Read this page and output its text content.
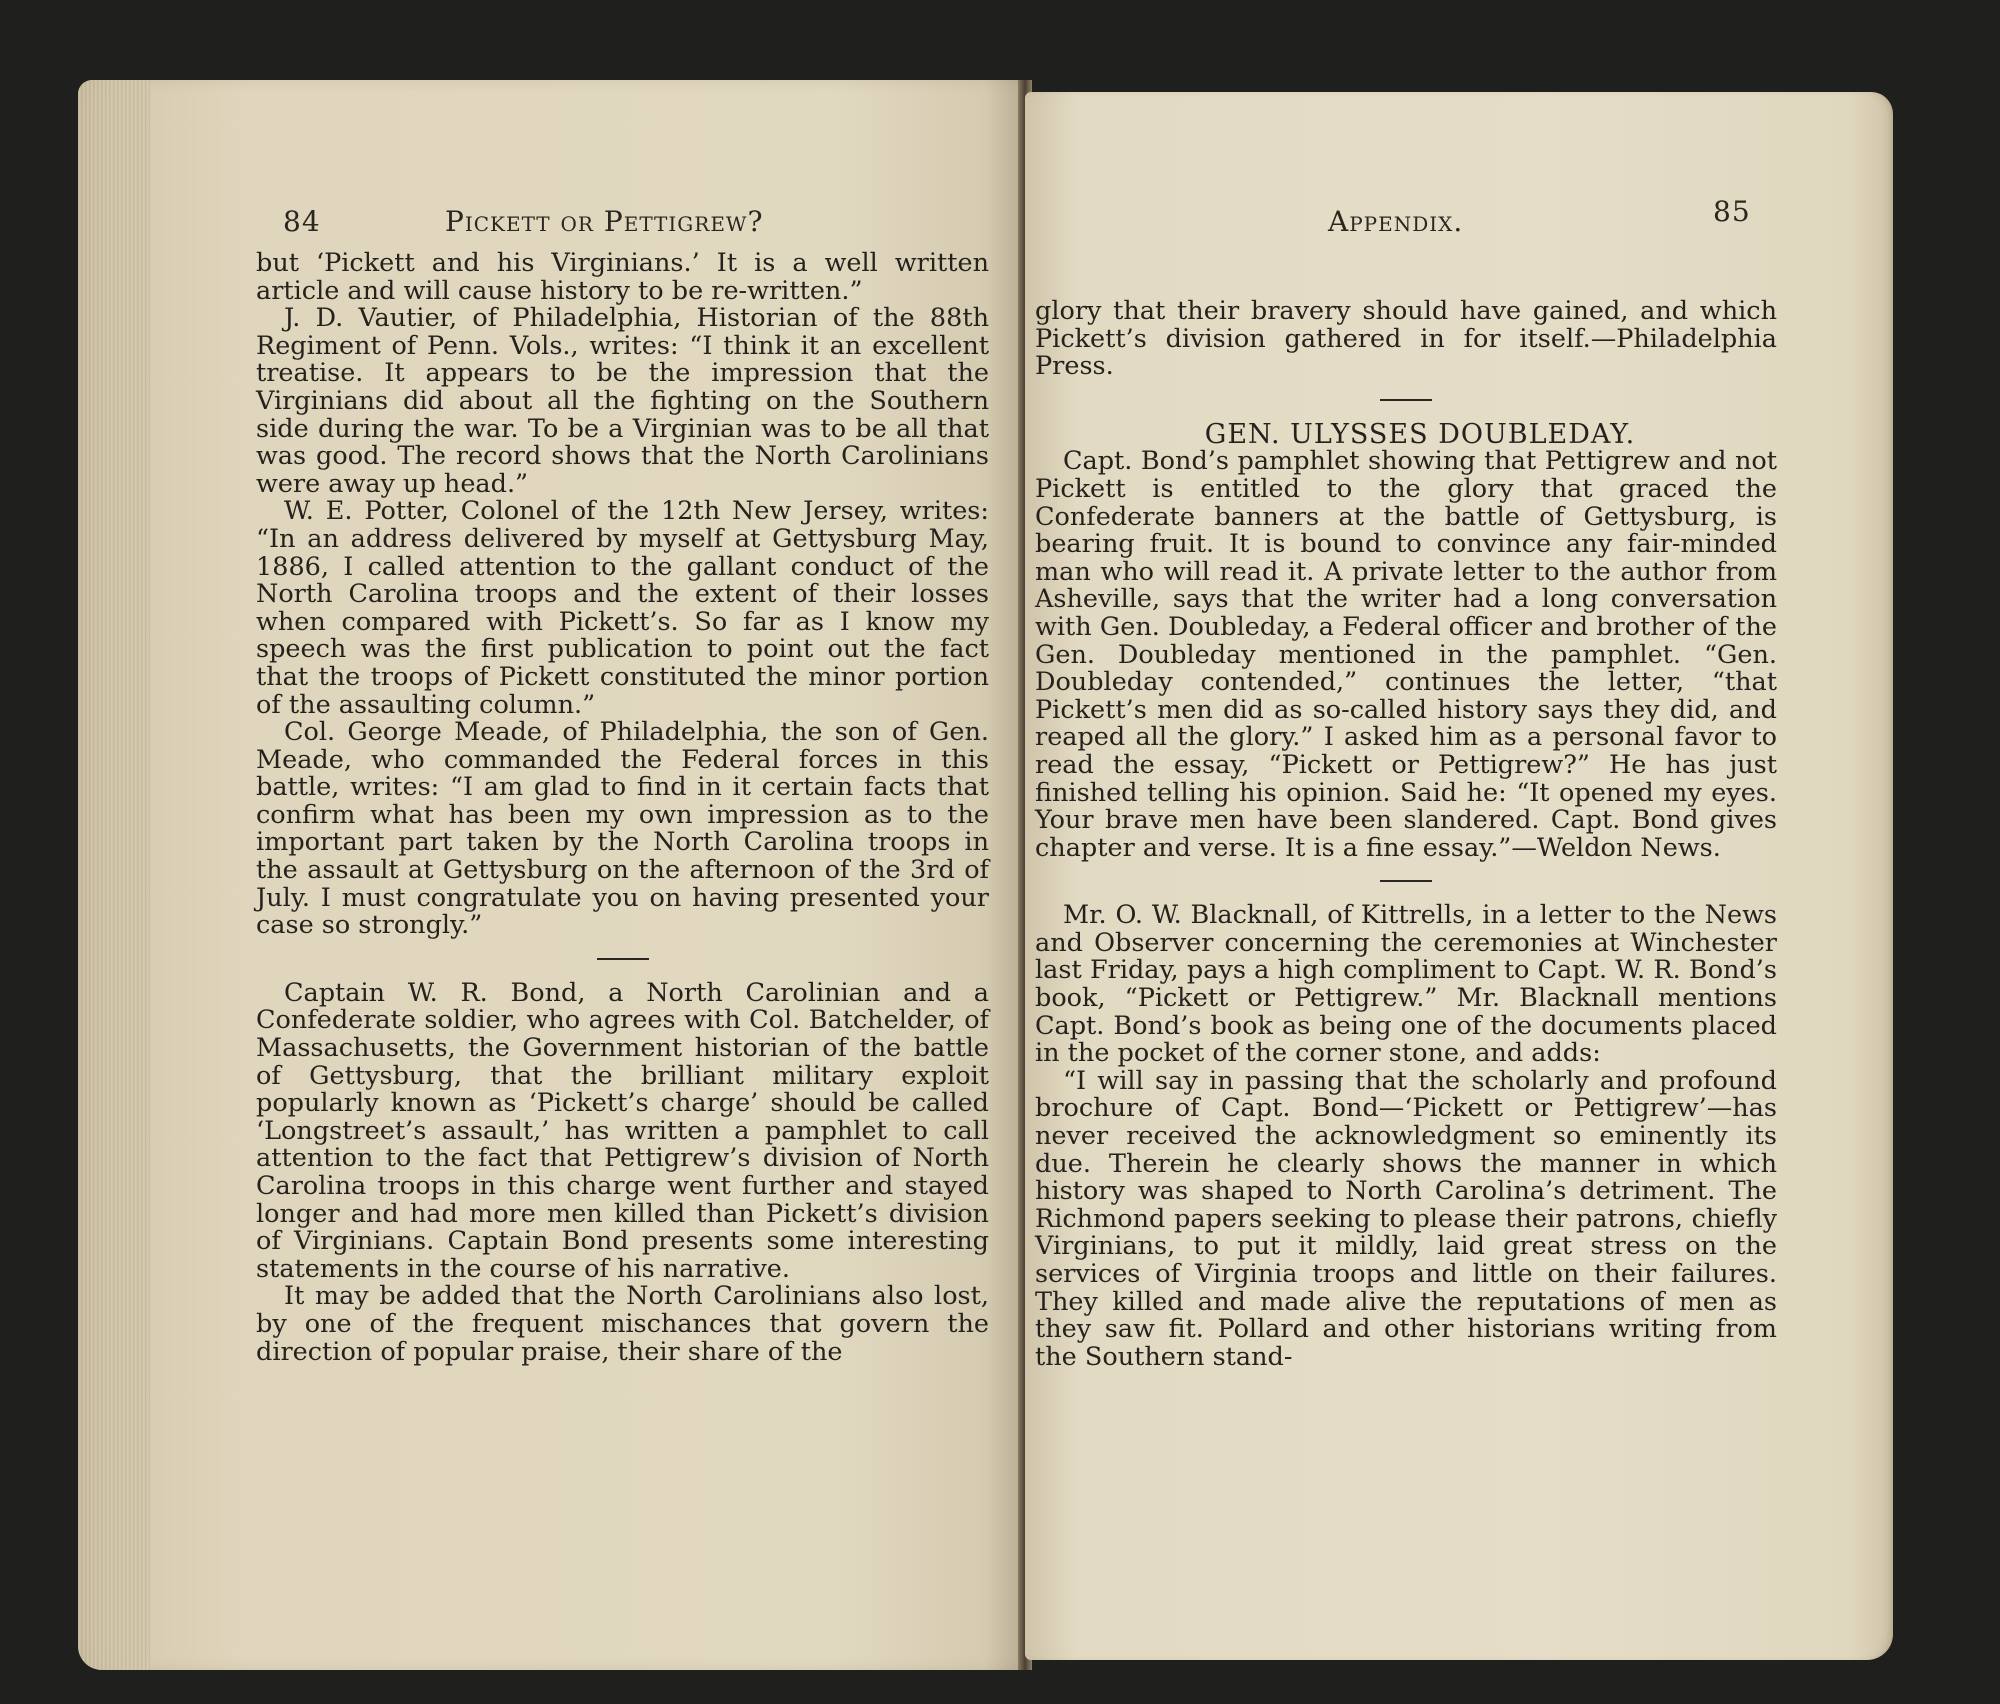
84	Pickett or Pettigrew?

but ‘Pickett and his Virginians.’ It is a well written article and will cause history to be re-written.”

J. D. Vautier, of Philadelphia, Historian of the 88th Regiment of Penn. Vols., writes: “I think it an excellent treatise. It appears to be the impression that the Virginians did about all the fighting on the Southern side during the war. To be a Virginian was to be all that was good. The record shows that the North Carolinians were away up head.”

W. E. Potter, Colonel of the 12th New Jersey, writes: “In an address delivered by myself at Gettysburg May, 1886, I called attention to the gallant conduct of the North Carolina troops and the extent of their losses when compared with Pickett’s. So far as I know my speech was the first publication to point out the fact that the troops of Pickett constituted the minor portion of the assaulting column.”

Col. George Meade, of Philadelphia, the son of Gen. Meade, who commanded the Federal forces in this battle, writes: “I am glad to find in it certain facts that confirm what has been my own impression as to the important part taken by the North Carolina troops in the assault at Gettysburg on the afternoon of the 3rd of July. I must congratulate you on having presented your case so strongly.”

Captain W. R. Bond, a North Carolinian and a Confederate soldier, who agrees with Col. Batchelder, of Massachusetts, the Government historian of the battle of Gettysburg, that the brilliant military exploit popularly known as ‘Pickett’s charge’ should be called ‘Longstreet’s assault,’ has written a pamphlet to call attention to the fact that Pettigrew’s division of North Carolina troops in this charge went further and stayed longer and had more men killed than Pickett’s division of Virginians. Captain Bond presents some interesting statements in the course of his narrative.

It may be added that the North Carolinians also lost, by one of the frequent mischances that govern the direction of popular praise, their share of the

Appendix.	85

glory that their bravery should have gained, and which Pickett’s division gathered in for itself.—Philadelphia Press.

GEN. ULYSSES DOUBLEDAY.

Capt. Bond’s pamphlet showing that Pettigrew and not Pickett is entitled to the glory that graced the Confederate banners at the battle of Gettysburg, is bearing fruit. It is bound to convince any fair-minded man who will read it. A private letter to the author from Asheville, says that the writer had a long conversation with Gen. Doubleday, a Federal officer and brother of the Gen. Doubleday mentioned in the pamphlet. “Gen. Doubleday contended,” continues the letter, “that Pickett’s men did as so-called history says they did, and reaped all the glory.” I asked him as a personal favor to read the essay, “Pickett or Pettigrew?” He has just finished telling his opinion. Said he: “It opened my eyes. Your brave men have been slandered. Capt. Bond gives chapter and verse. It is a fine essay.”—Weldon News.

Mr. O. W. Blacknall, of Kittrells, in a letter to the News and Observer concerning the ceremonies at Winchester last Friday, pays a high compliment to Capt. W. R. Bond’s book, “Pickett or Pettigrew.” Mr. Blacknall mentions Capt. Bond’s book as being one of the documents placed in the pocket of the corner stone, and adds:

“I will say in passing that the scholarly and profound brochure of Capt. Bond—‘Pickett or Pettigrew’—has never received the acknowledgment so eminently its due. Therein he clearly shows the manner in which history was shaped to North Carolina’s detriment. The Richmond papers seeking to please their patrons, chiefly Virginians, to put it mildly, laid great stress on the services of Virginia troops and little on their failures. They killed and made alive the reputations of men as they saw fit. Pollard and other historians writing from the Southern stand-
